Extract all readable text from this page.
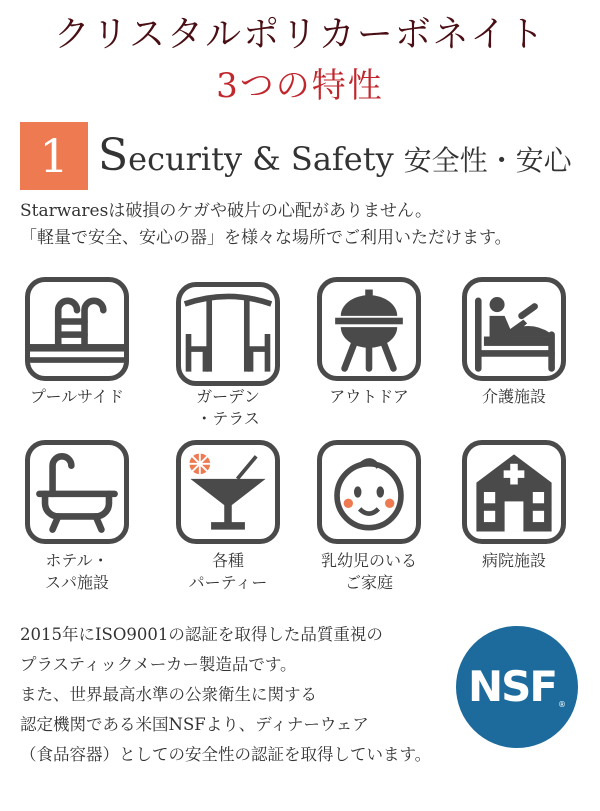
クリスタルポリカーボネイト
3つの特性
1 Security & Safety 安全性・安心

Starwaresは破損のケガや破片の心配がありません。

「軽量で安全、安心の器」を様々な場所でご利用いただけます。

プールサイド	ガーデン
・テラス
アウトドア	介護施設
ホテル・
スパ施設
各種
パーティー
乳幼児のいる
ご家庭
病院施設

2015年にISO9001の認証を取得した品質重視の

プラスティックメーカー製造品です。

また、世界最高水準の公衆衛生に関する

認定機関である米国NSFより、ディナーウェア

（食品容器）としての安全性の認証を取得しています。

NSF ®
